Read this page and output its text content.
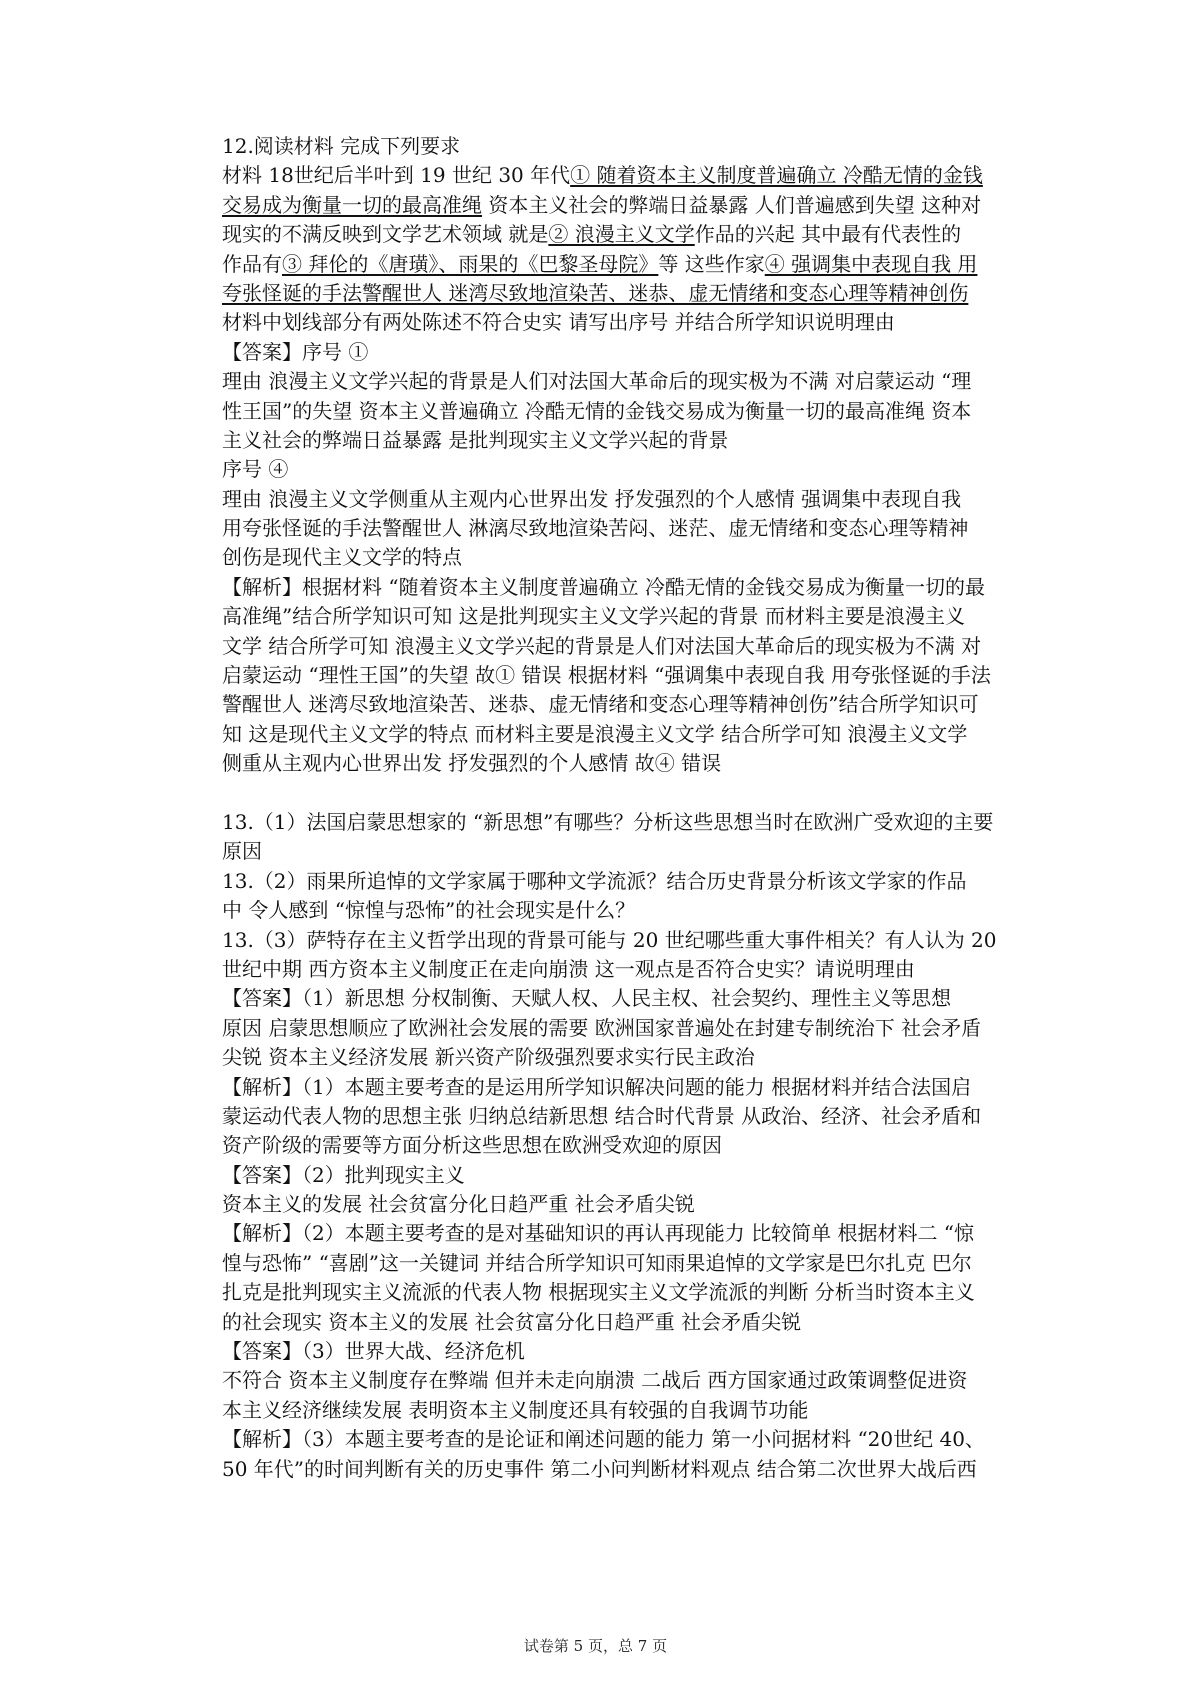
12.阅读材料 完成下列要求
材料 18世纪后半叶到 19 世纪 30 年代① 随着资本主义制度普遍确立 冷酷无情的金钱
交易成为衡量一切的最高准绳 资本主义社会的弊端日益暴露 人们普遍感到失望 这种对
现实的不满反映到文学艺术领域 就是② 浪漫主义文学作品的兴起 其中最有代表性的
作品有③ 拜伦的《唐璜》、雨果的《巴黎圣母院》等 这些作家④ 强调集中表现自我 用
夸张怪诞的手法警醒世人 迷湾尽致地渲染苦、迷恭、虚无情绪和变态心理等精神创伤
材料中划线部分有两处陈述不符合史实 请写出序号 并结合所学知识说明理由
【答案】序号 ①
理由 浪漫主义文学兴起的背景是人们对法国大革命后的现实极为不满 对启蒙运动 “理
性王国”的失望 资本主义普遍确立 冷酷无情的金钱交易成为衡量一切的最高准绳 资本
主义社会的弊端日益暴露 是批判现实主义文学兴起的背景
序号 ④
理由 浪漫主义文学侧重从主观内心世界出发 抒发强烈的个人感情 强调集中表现自我
用夸张怪诞的手法警醒世人 淋漓尽致地渲染苦闷、迷茫、虚无情绪和变态心理等精神
创伤是现代主义文学的特点
【解析】根据材料 “随着资本主义制度普遍确立 冷酷无情的金钱交易成为衡量一切的最
高准绳”结合所学知识可知 这是批判现实主义文学兴起的背景 而材料主要是浪漫主义
文学 结合所学可知 浪漫主义文学兴起的背景是人们对法国大革命后的现实极为不满 对
启蒙运动 “理性王国”的失望 故① 错误 根据材料 “强调集中表现自我 用夸张怪诞的手法
警醒世人 迷湾尽致地渲染苦、迷恭、虚无情绪和变态心理等精神创伤”结合所学知识可
知 这是现代主义文学的特点 而材料主要是浪漫主义文学 结合所学可知 浪漫主义文学
侧重从主观内心世界出发 抒发强烈的个人感情 故④ 错误
13.（1）法国启蒙思想家的 “新思想”有哪些？分析这些思想当时在欧洲广受欢迎的主要
原因
13.（2）雨果所追悼的文学家属于哪种文学流派？结合历史背景分析该文学家的作品
中 令人感到 “惊惶与恐怖”的社会现实是什么？
13.（3）萨特存在主义哲学出现的背景可能与 20 世纪哪些重大事件相关？有人认为 20
世纪中期 西方资本主义制度正在走向崩溃 这一观点是否符合史实？请说明理由
【答案】（1）新思想 分权制衡、天赋人权、人民主权、社会契约、理性主义等思想
原因 启蒙思想顺应了欧洲社会发展的需要 欧洲国家普遍处在封建专制统治下 社会矛盾
尖锐 资本主义经济发展 新兴资产阶级强烈要求实行民主政治
【解析】（1）本题主要考查的是运用所学知识解决问题的能力 根据材料并结合法国启
蒙运动代表人物的思想主张 归纳总结新思想 结合时代背景 从政治、经济、社会矛盾和
资产阶级的需要等方面分析这些思想在欧洲受欢迎的原因
【答案】（2）批判现实主义
资本主义的发展 社会贫富分化日趋严重 社会矛盾尖锐
【解析】（2）本题主要考查的是对基础知识的再认再现能力 比较简单 根据材料二 “惊
惶与恐怖” “喜剧”这一关键词 并结合所学知识可知雨果追悼的文学家是巴尔扎克 巴尔
扎克是批判现实主义流派的代表人物 根据现实主义文学流派的判断 分析当时资本主义
的社会现实 资本主义的发展 社会贫富分化日趋严重 社会矛盾尖锐
【答案】（3）世界大战、经济危机
不符合 资本主义制度存在弊端 但并未走向崩溃 二战后 西方国家通过政策调整促进资
本主义经济继续发展 表明资本主义制度还具有较强的自我调节功能
【解析】（3）本题主要考查的是论证和阐述问题的能力 第一小问据材料 “20世纪 40、
50 年代”的时间判断有关的历史事件 第二小问判断材料观点 结合第二次世界大战后西
试卷第 5 页，总 7 页
